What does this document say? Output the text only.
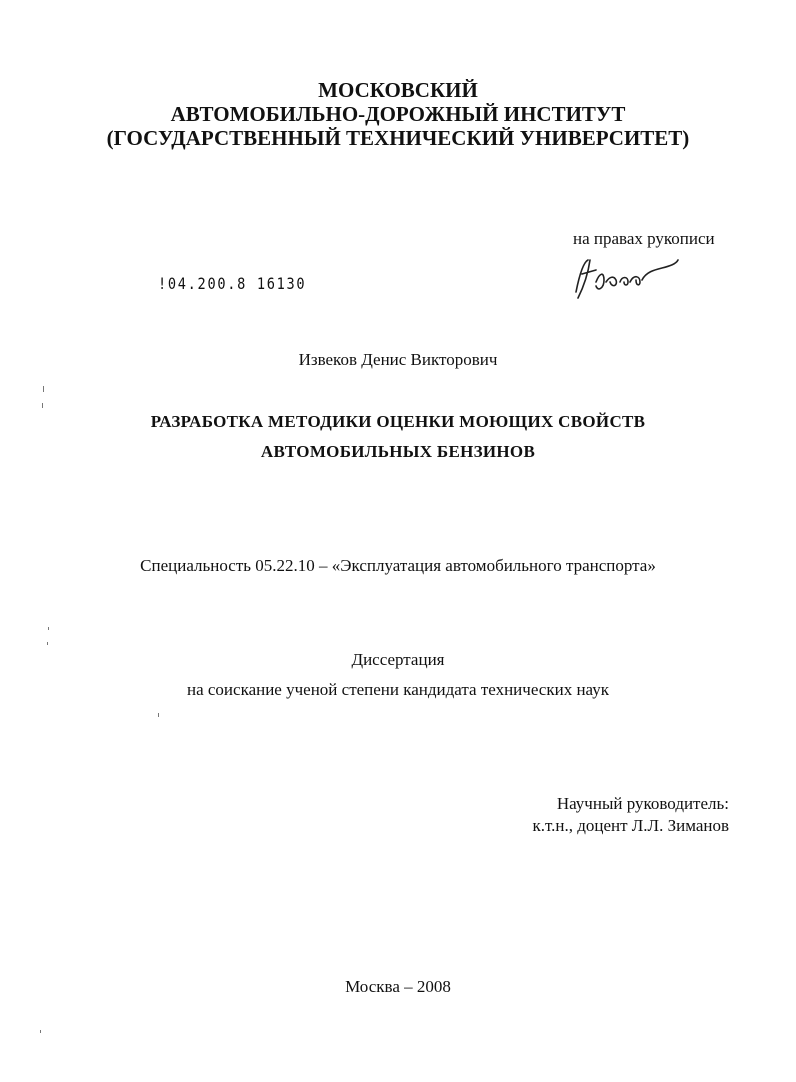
МОСКОВСКИЙ
АВТОМОБИЛЬНО-ДОРОЖНЫЙ ИНСТИТУТ
(ГОСУДАРСТВЕННЫЙ ТЕХНИЧЕСКИЙ УНИВЕРСИТЕТ)
на правах рукописи
!04.200.8 16130
Извеков Денис Викторович
РАЗРАБОТКА МЕТОДИКИ ОЦЕНКИ МОЮЩИХ СВОЙСТВ
АВТОМОБИЛЬНЫХ БЕНЗИНОВ
Специальность 05.22.10 – «Эксплуатация автомобильного транспорта»
Диссертация
на соискание ученой степени кандидата технических наук
Научный руководитель:
к.т.н., доцент Л.Л. Зиманов
Москва – 2008
